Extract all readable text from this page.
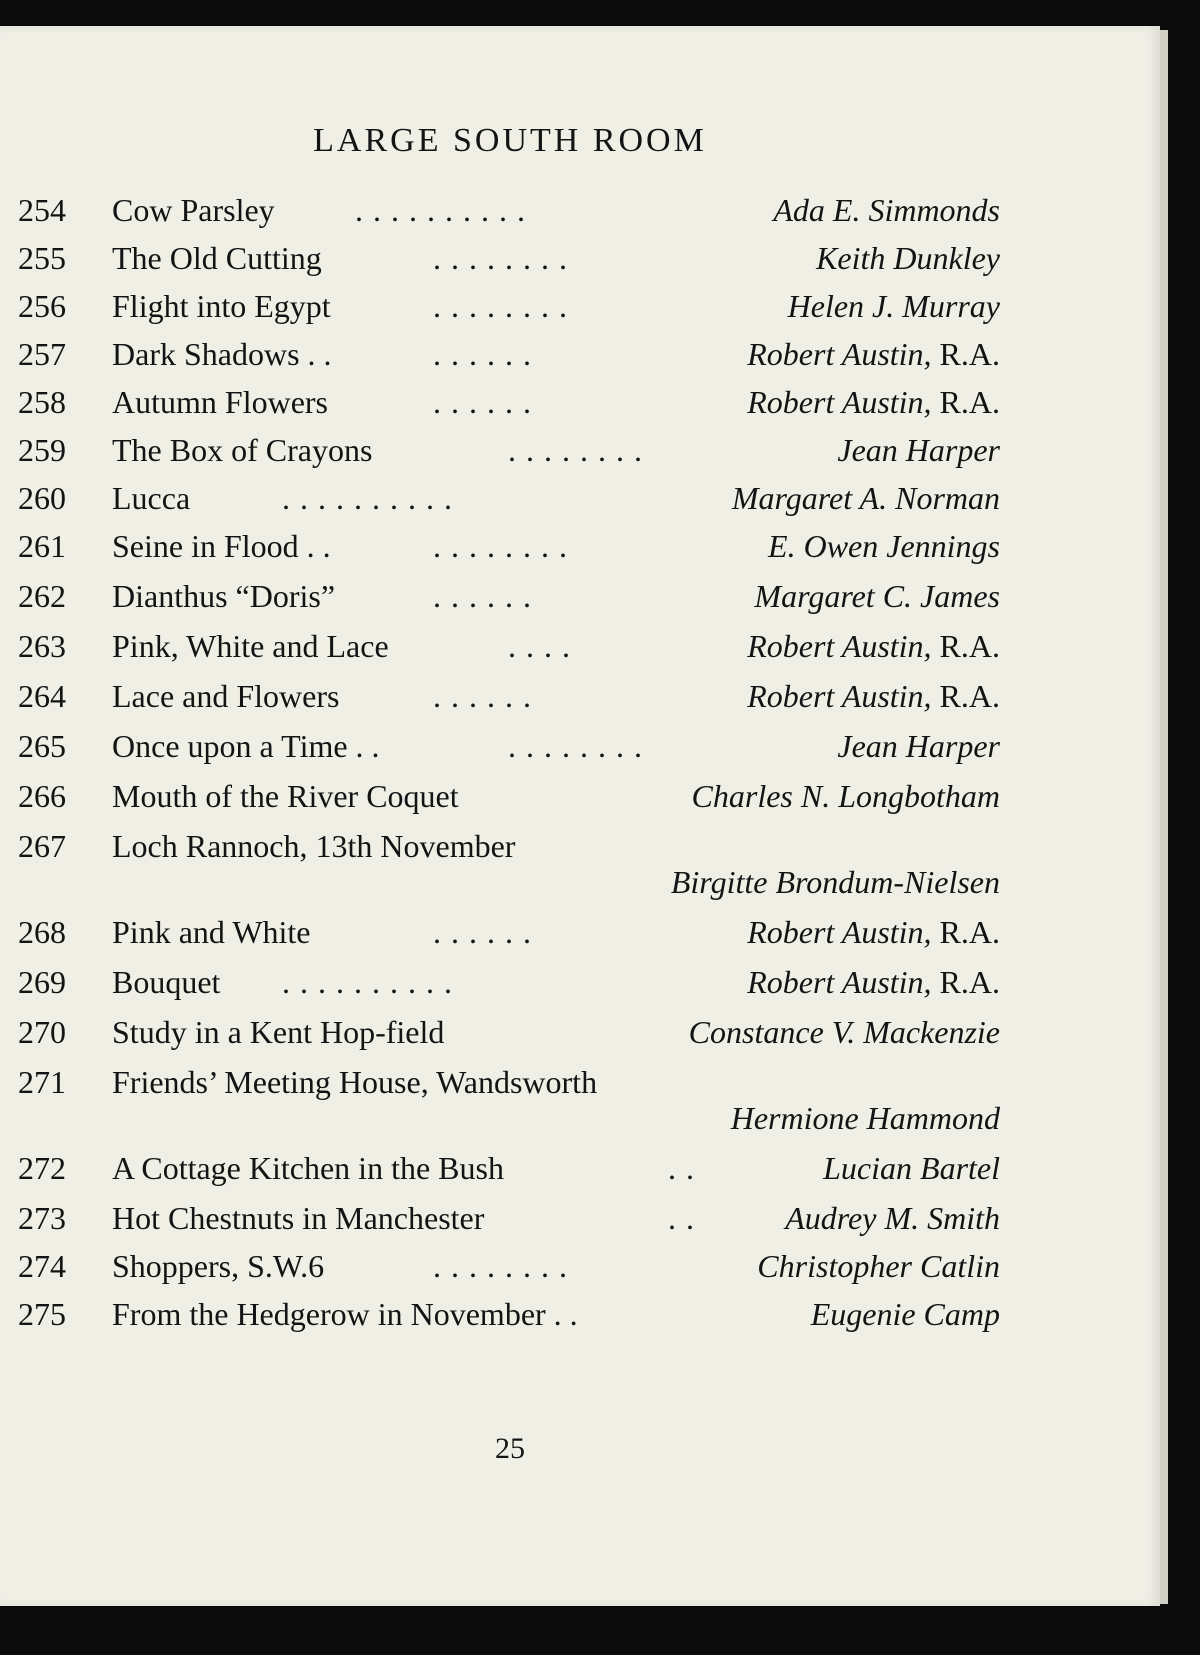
LARGE SOUTH ROOM
254 Cow Parsley	. . . . . . . . . .	Ada E. Simmonds
255 The Old Cutting	. . . . . . . .	Keith Dunkley
256 Flight into Egypt	. . . . . . . .	Helen J. Murray
257 Dark Shadows . .	. . . . . .	Robert Austin, R.A.
258 Autumn Flowers	. . . . . .	Robert Austin, R.A.
259 The Box of Crayons	. . . . . . . .	Jean Harper
260 Lucca	. . . . . . . . . .	Margaret A. Norman
261 Seine in Flood . .	. . . . . . . .	E. Owen Jennings
262 Dianthus “Doris”	. . . . . .	Margaret C. James
263 Pink, White and Lace	. . . .	Robert Austin, R.A.
264 Lace and Flowers	. . . . . .	Robert Austin, R.A.
265 Once upon a Time . .	. . . . . . . .	Jean Harper
266 Mouth of the River Coquet	Charles N. Longbotham
267 Loch Rannoch, 13th November
Birgitte Brondum-Nielsen
268 Pink and White	. . . . . .	Robert Austin, R.A.
269 Bouquet . . . . . . . . . .	Robert Austin, R.A.
270 Study in a Kent Hop-field	Constance V. Mackenzie
271 Friends’ Meeting House, Wandsworth
Hermione Hammond
272 A Cottage Kitchen in the Bush	. .	Lucian Bartel
273 Hot Chestnuts in Manchester	. .	Audrey M. Smith
274 Shoppers, S.W.6	. . . . . . . .	Christopher Catlin
275 From the Hedgerow in November . .	Eugenie Camp
25
